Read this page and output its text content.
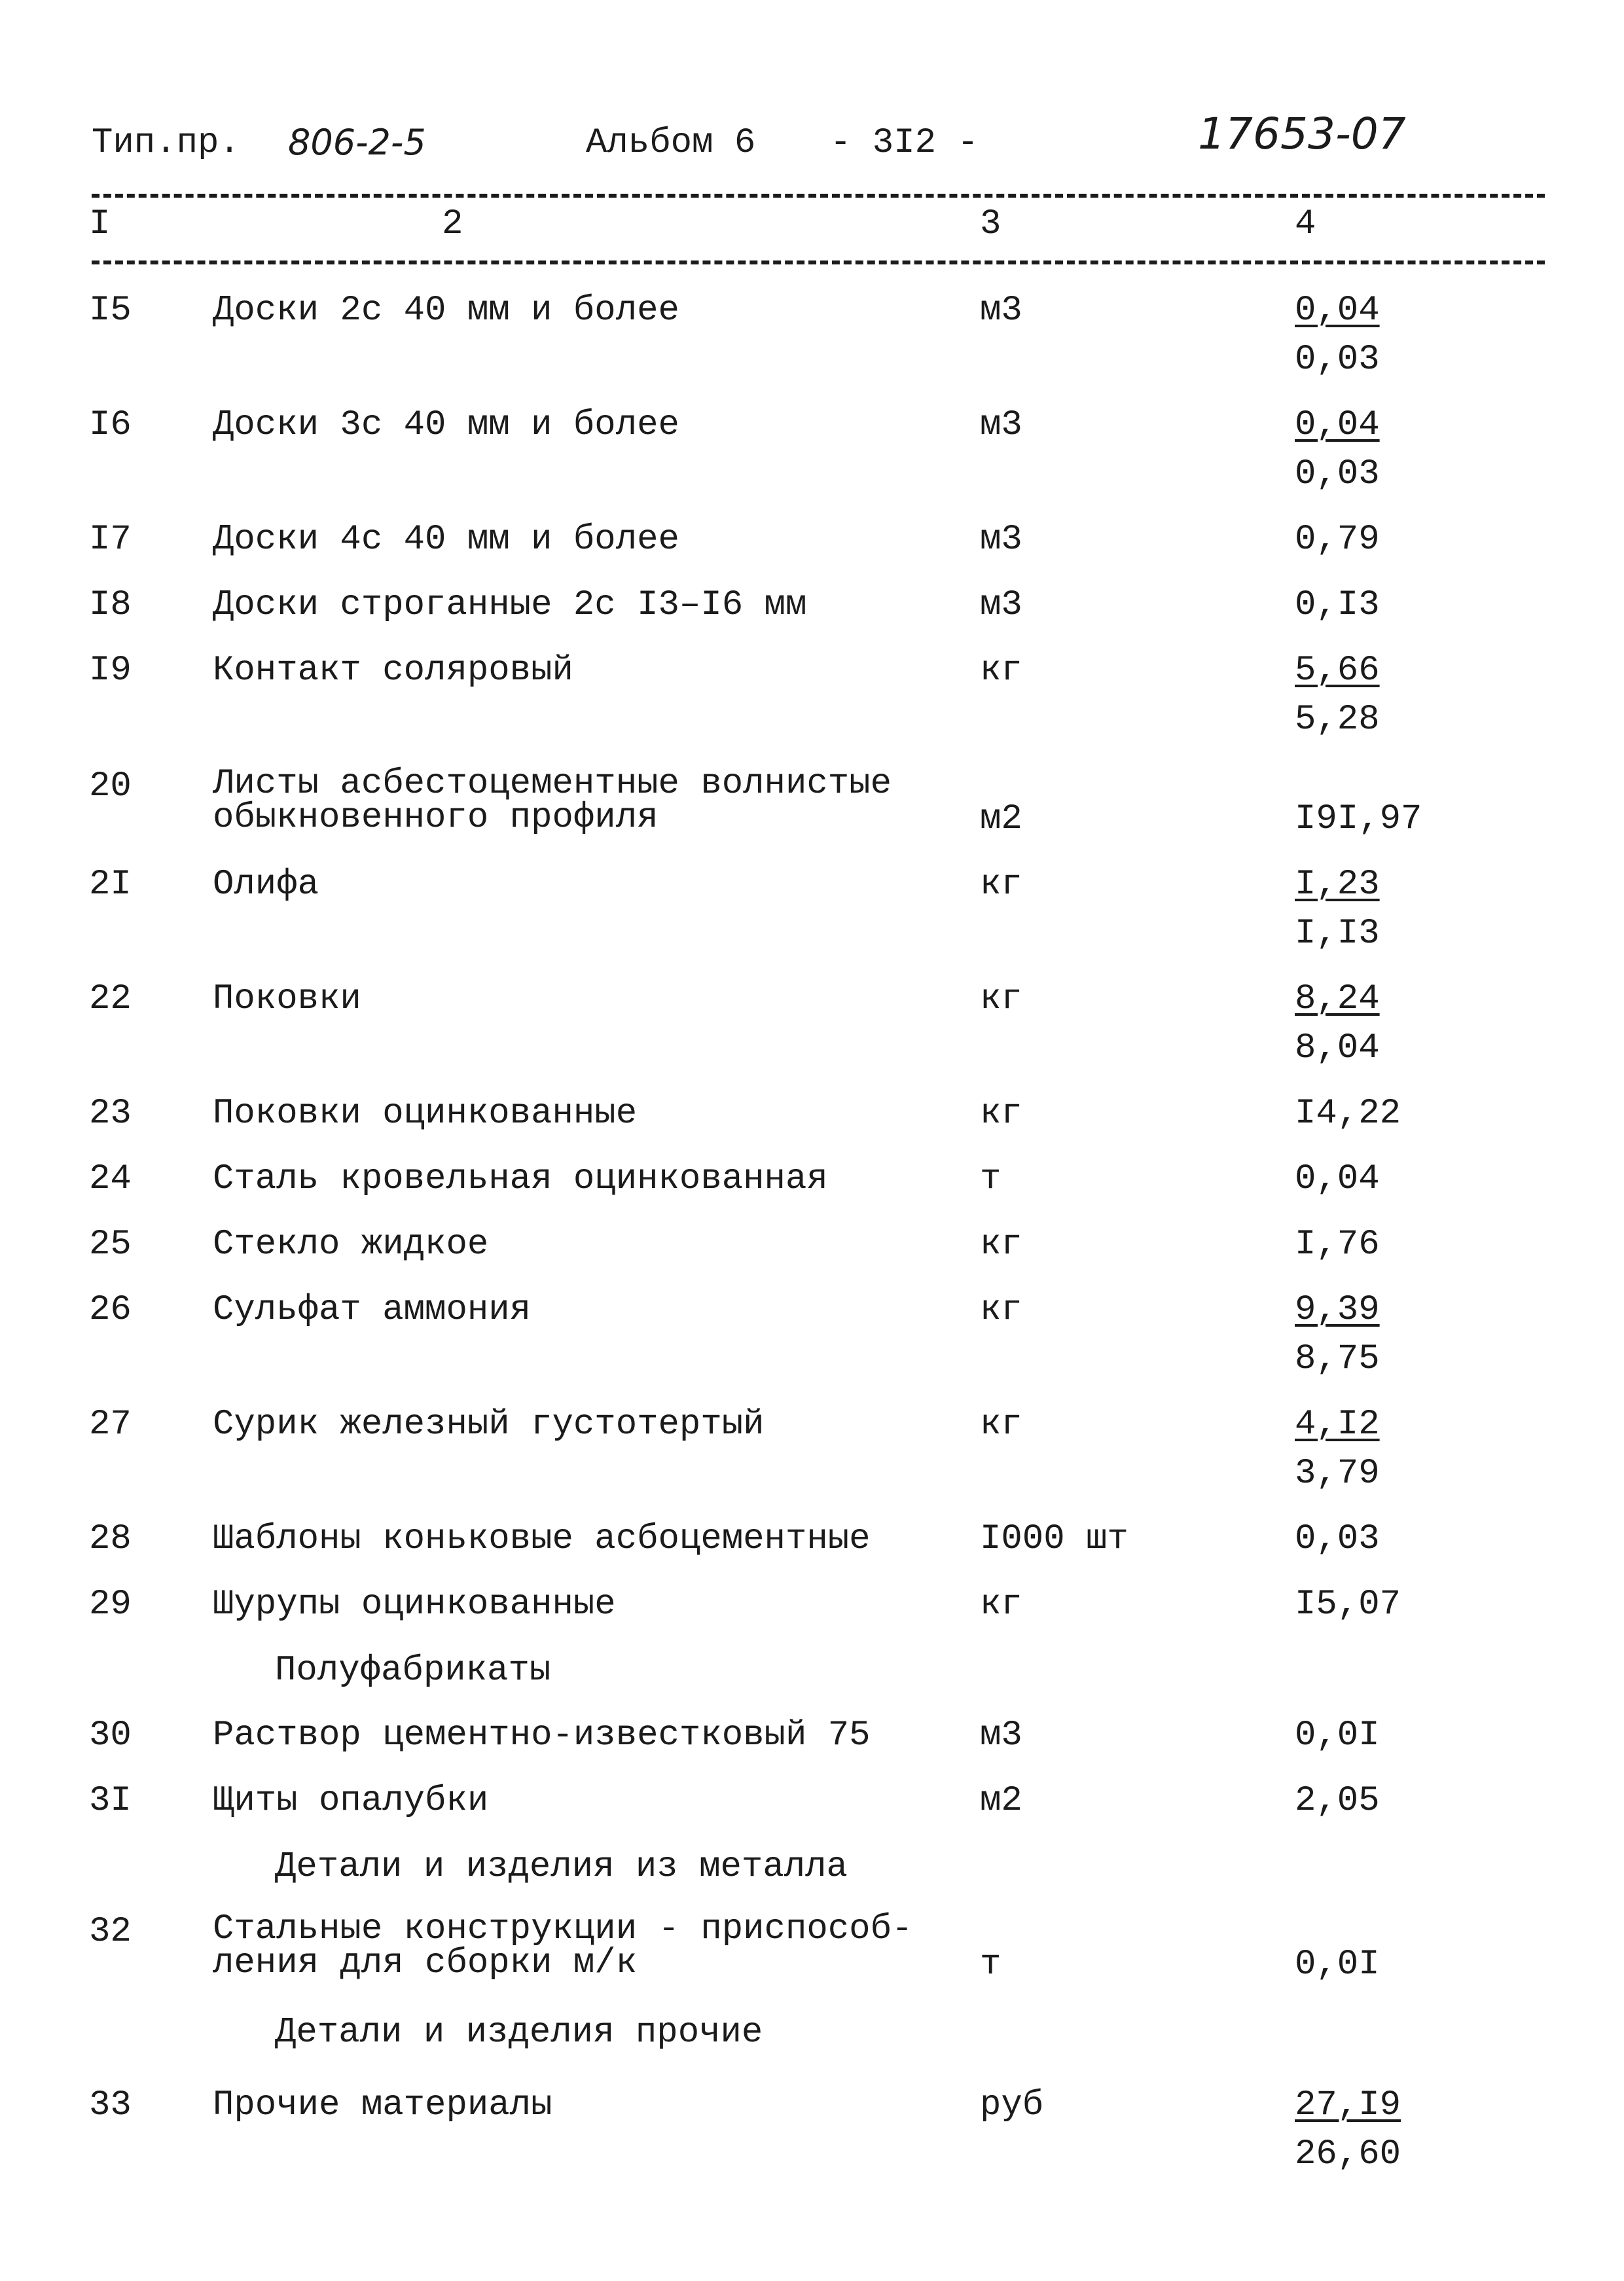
Тип.пр. 806-2-5	Альбом 6 - 3I2 -	17653-07
I	2	3	4
I5 Доски 2с 40 мм и более	м3	0,04
0,03
I6 Доски 3с 40 мм и более	м3	0,04
0,03
I7 Доски 4с 40 мм и более	м3	0,79
I8 Доски строганные 2с I3–I6 мм	м3	0,I3
I9 Контакт соляровый	кг	5,66
5,28
20 Листы асбестоцементные волнистые
обыкновенного профиля	м2	I9I,97
2I Олифа	кг	I,23
I,I3
22 Поковки	кг	8,24
8,04
23 Поковки оцинкованные	кг	I4,22
24 Сталь кровельная оцинкованная	т	0,04
25 Стекло жидкое	кг	I,76
26 Сульфат аммония	кг	9,39
8,75
27 Сурик железный густотертый	кг	4,I2
3,79
28 Шаблоны коньковые асбоцементные	I000 шт	0,03
29 Шурупы оцинкованные	кг	I5,07
Полуфабрикаты
30 Раствор цементно-известковый 75	м3	0,0I
3I Щиты опалубки	м2	2,05
Детали и изделия из металла
32 Стальные конструкции - приспособ-
ления для сборки м/к	т	0,0I
Детали и изделия прочие
33 Прочие материалы	руб	27,I9
26,60
